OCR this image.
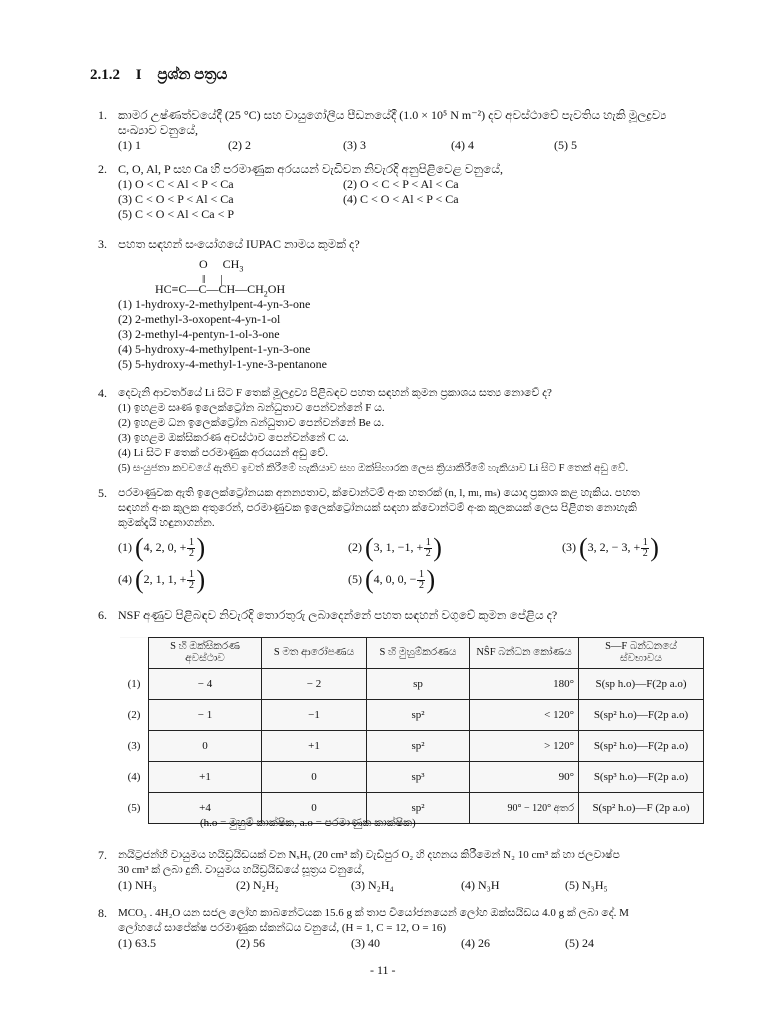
2.1.2 I ප්‍රශ්න පත්‍රය
1. කාමර උෂ්ණත්වයේදී (25 °C) සහ වායුගෝලීය පීඩනයේදී (1.0 × 10⁵ N m⁻²) දව අවස්ථාවේ පැවතිය හැකි මූලද්‍රව්‍ය සංඛ්‍යාව වනුයේ,
(1) 1	(2) 2	(3) 3	(4) 4	(5) 5
2. C, O, Al, P සහ Ca හි පරමාණුක අරයයන් වැඩිවන නිවැරදි අනුපිළිවෙළ වනුයේ,
(1) O < C < Al < P < Ca	(2) O < C < P < Al < Ca
(3) C < O < P < Al < Ca	(4) C < O < Al < P < Ca
(5) C < O < Al < Ca < P
3. පහත සඳහන් සංයෝගයේ IUPAC නාමය කුමක් ද?
O $CH_3$
‖     |
$HC\equiv C—C—CH—CH_2OH$
(1) 1-hydroxy-2-methylpent-4-yn-3-one
(2) 2-methyl-3-oxopent-4-yn-1-ol
(3) 2-methyl-4-pentyn-1-ol-3-one
(4) 5-hydroxy-4-methylpent-1-yn-3-one
(5) 5-hydroxy-4-methyl-1-yne-3-pentanone
4. දෙවැනි ආවර්තයේ Li සිට F තෙක් මූලද්‍රව්‍ය පිළිබඳව පහත සඳහන් කුමන ප්‍රකාශය සත්‍ය නොවේ ද?
(1) ඉහළම සෘණ ඉලෙක්ට්‍රෝන බන්ධුතාව පෙන්වන්නේ F ය.
(2) ඉහළම ධන ඉලෙක්ට්‍රෝන බන්ධුතාව පෙන්වන්නේ Be ය.
(3) ඉහළම ඔක්සිකරණ අවස්ථාව පෙන්වන්නේ C ය.
(4) Li සිට F තෙක් පරමාණුක අරයයන් අඩු වේ.
(5) සංයුජතා කවචයේ ඇතිව ඉවත් කිරීමේ හැකියාව සහ ඔක්සිහාරක ලෙස ක්‍රියාකිරීමේ හැකියාව Li සිට F තෙක් අඩු වේ.
5. පරමාණුවක ඇති ඉලෙක්ට්‍රෝනයක අනන්‍යතාව, ක්වොන්ටම් අංක හතරක් (n, l, mₗ, mₛ) යොදා ප්‍රකාශ කළ හැකිය. පහත
සඳහන් අංක කුලක අතුරෙන්, පරමාණුවක ඉලෙක්ට්‍රෝනයක් සඳහා ක්වොන්ටම් අංක කුලකයක් ලෙස පිළිගත නොහැකි
කුමක්දැයි හඳුනාගන්න.
(1) (4, 2, 0, + $\frac{1}{2}$ )	(2) (3, 1, −1, + $\frac{1}{2}$ )	(3) (3, 2, − 3, + $\frac{1}{2}$ )
(4) (2, 1, 1, + $\frac{1}{2}$ )	(5) (4, 0, 0, − $\frac{1}{2}$ )
6. NSF අණුව පිළිබඳව නිවැරදි තොරතුරු ලබාදෙන්නේ පහත සඳහන් වගුවේ කුමන පේළිය ද?
	S හි ඔක්සිකරණ අවස්ථාව	S මත ආරෝපණය	S හි මුහුම්කරණය	NŜF බන්ධන කෝණය	S—F බන්ධනයේ ස්වභාවය
(1)	− 4	− 2	sp	180°	S(sp h.o)—F(2p a.o)
(2)	− 1	−1	sp²	< 120°	S(sp² h.o)—F(2p a.o)
(3)	0	+1	sp²	> 120°	S(sp² h.o)—F(2p a.o)
(4)	+1	0	sp³	90°	S(sp³ h.o)—F(2p a.o)
(5)	+4	0	sp²	90° − 120° අතර	S(sp² h.o)—F (2p a.o)
(h.o = මුහුම් කාක්ෂික, a.o = පරමාණුක කාක්ෂික)
7. නයිට්‍රජන්හි වායුමය හයිඩ්‍රයිඩයක් වන NₓHᵧ (20 cm³ ක්) වැඩිපුර O₂ හි දහනය කිරීමෙන් N₂ 10 cm³ ක් හා ජලවාෂ්ප
30 cm³ ක් ලබා දුනි. වායුමය හයිඩ්‍රයිඩයේ සූත්‍රය වනුයේ,
(1) NH₃	(2) N₂H₂	(3) N₂H₄	(4) N₃H	(5) N₃H₅
8. MCO₃ . 4H₂O යන සජල ලෝහ කාබනේටයක 15.6 g ක් තාප වියෝජනයෙන් ලෝහ ඔක්සයිඩය 4.0 g ක් ලබා දේ. M
ලෝහයේ සාපේක්ෂ පරමාණුක ස්කන්ධය වනුයේ, (H = 1, C = 12, O = 16)
(1) 63.5	(2) 56	(3) 40	(4) 26	(5) 24
- 11 -
